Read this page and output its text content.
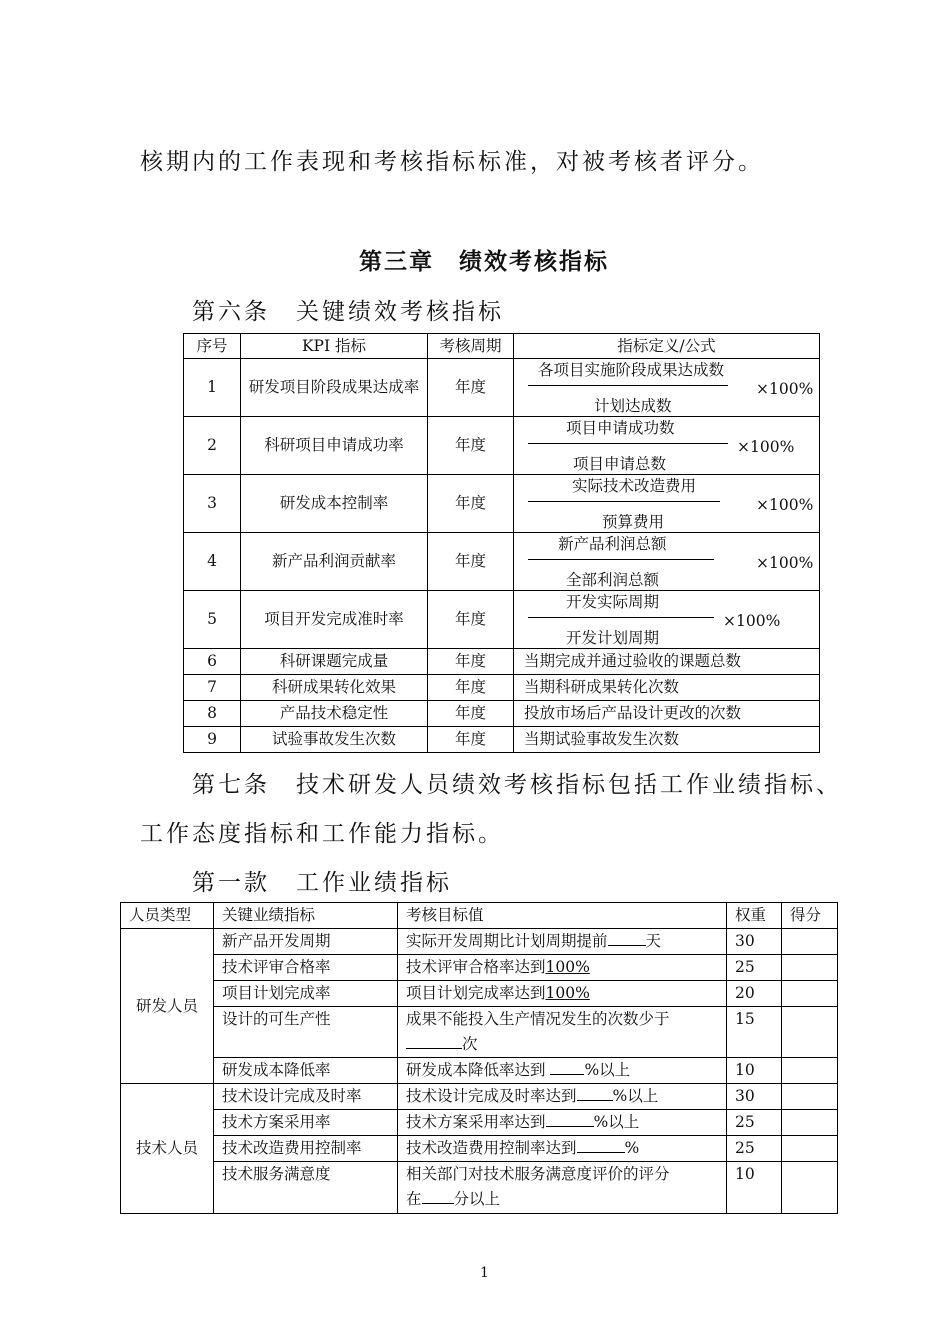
核期内的工作表现和考核指标标准，对被考核者评分。
第三章　绩效考核指标
第六条　关键绩效考核指标
序号	KPI 指标	考核周期	指标定义/公式
1	研发项目阶段成果达成率	年度	各项目实施阶段成果达成数
计划达成数
×100%

2	科研项目申请成功率	年度	项目申请成功数
项目申请总数
×100%

3	研发成本控制率	年度	实际技术改造费用
预算费用
×100%

4	新产品利润贡献率	年度	新产品利润总额
全部利润总额
×100%

5	项目开发完成准时率	年度	开发实际周期
开发计划周期
×100%

6	科研课题完成量	年度	当期完成并通过验收的课题总数
7	科研成果转化效果	年度	当期科研成果转化次数
8	产品技术稳定性	年度	投放市场后产品设计更改的次数
9	试验事故发生次数	年度	当期试验事故发生次数
第七条　技术研发人员绩效考核指标包括工作业绩指标、
工作态度指标和工作能力指标。
第一款　工作业绩指标
人员类型	关键业绩指标	考核目标值	权重	得分
研发人员	新产品开发周期	实际开发周期比计划周期提前 天	30	
	技术评审合格率	技术评审合格率达到100%	25	
	项目计划完成率	项目计划完成率达到100%	20	
	设计的可生产性	成果不能投入生产情况发生的次数少于
次	15	
	研发成本降低率	研发成本降低率达到 %以上	10	
技术人员	技术设计完成及时率	技术设计完成及时率达到 %以上	30	
	技术方案采用率	技术方案采用率达到 %以上	25	
	技术改造费用控制率	技术改造费用控制率达到 %	25	
	技术服务满意度	相关部门对技术服务满意度评价的评分
在 分以上	10	
1
